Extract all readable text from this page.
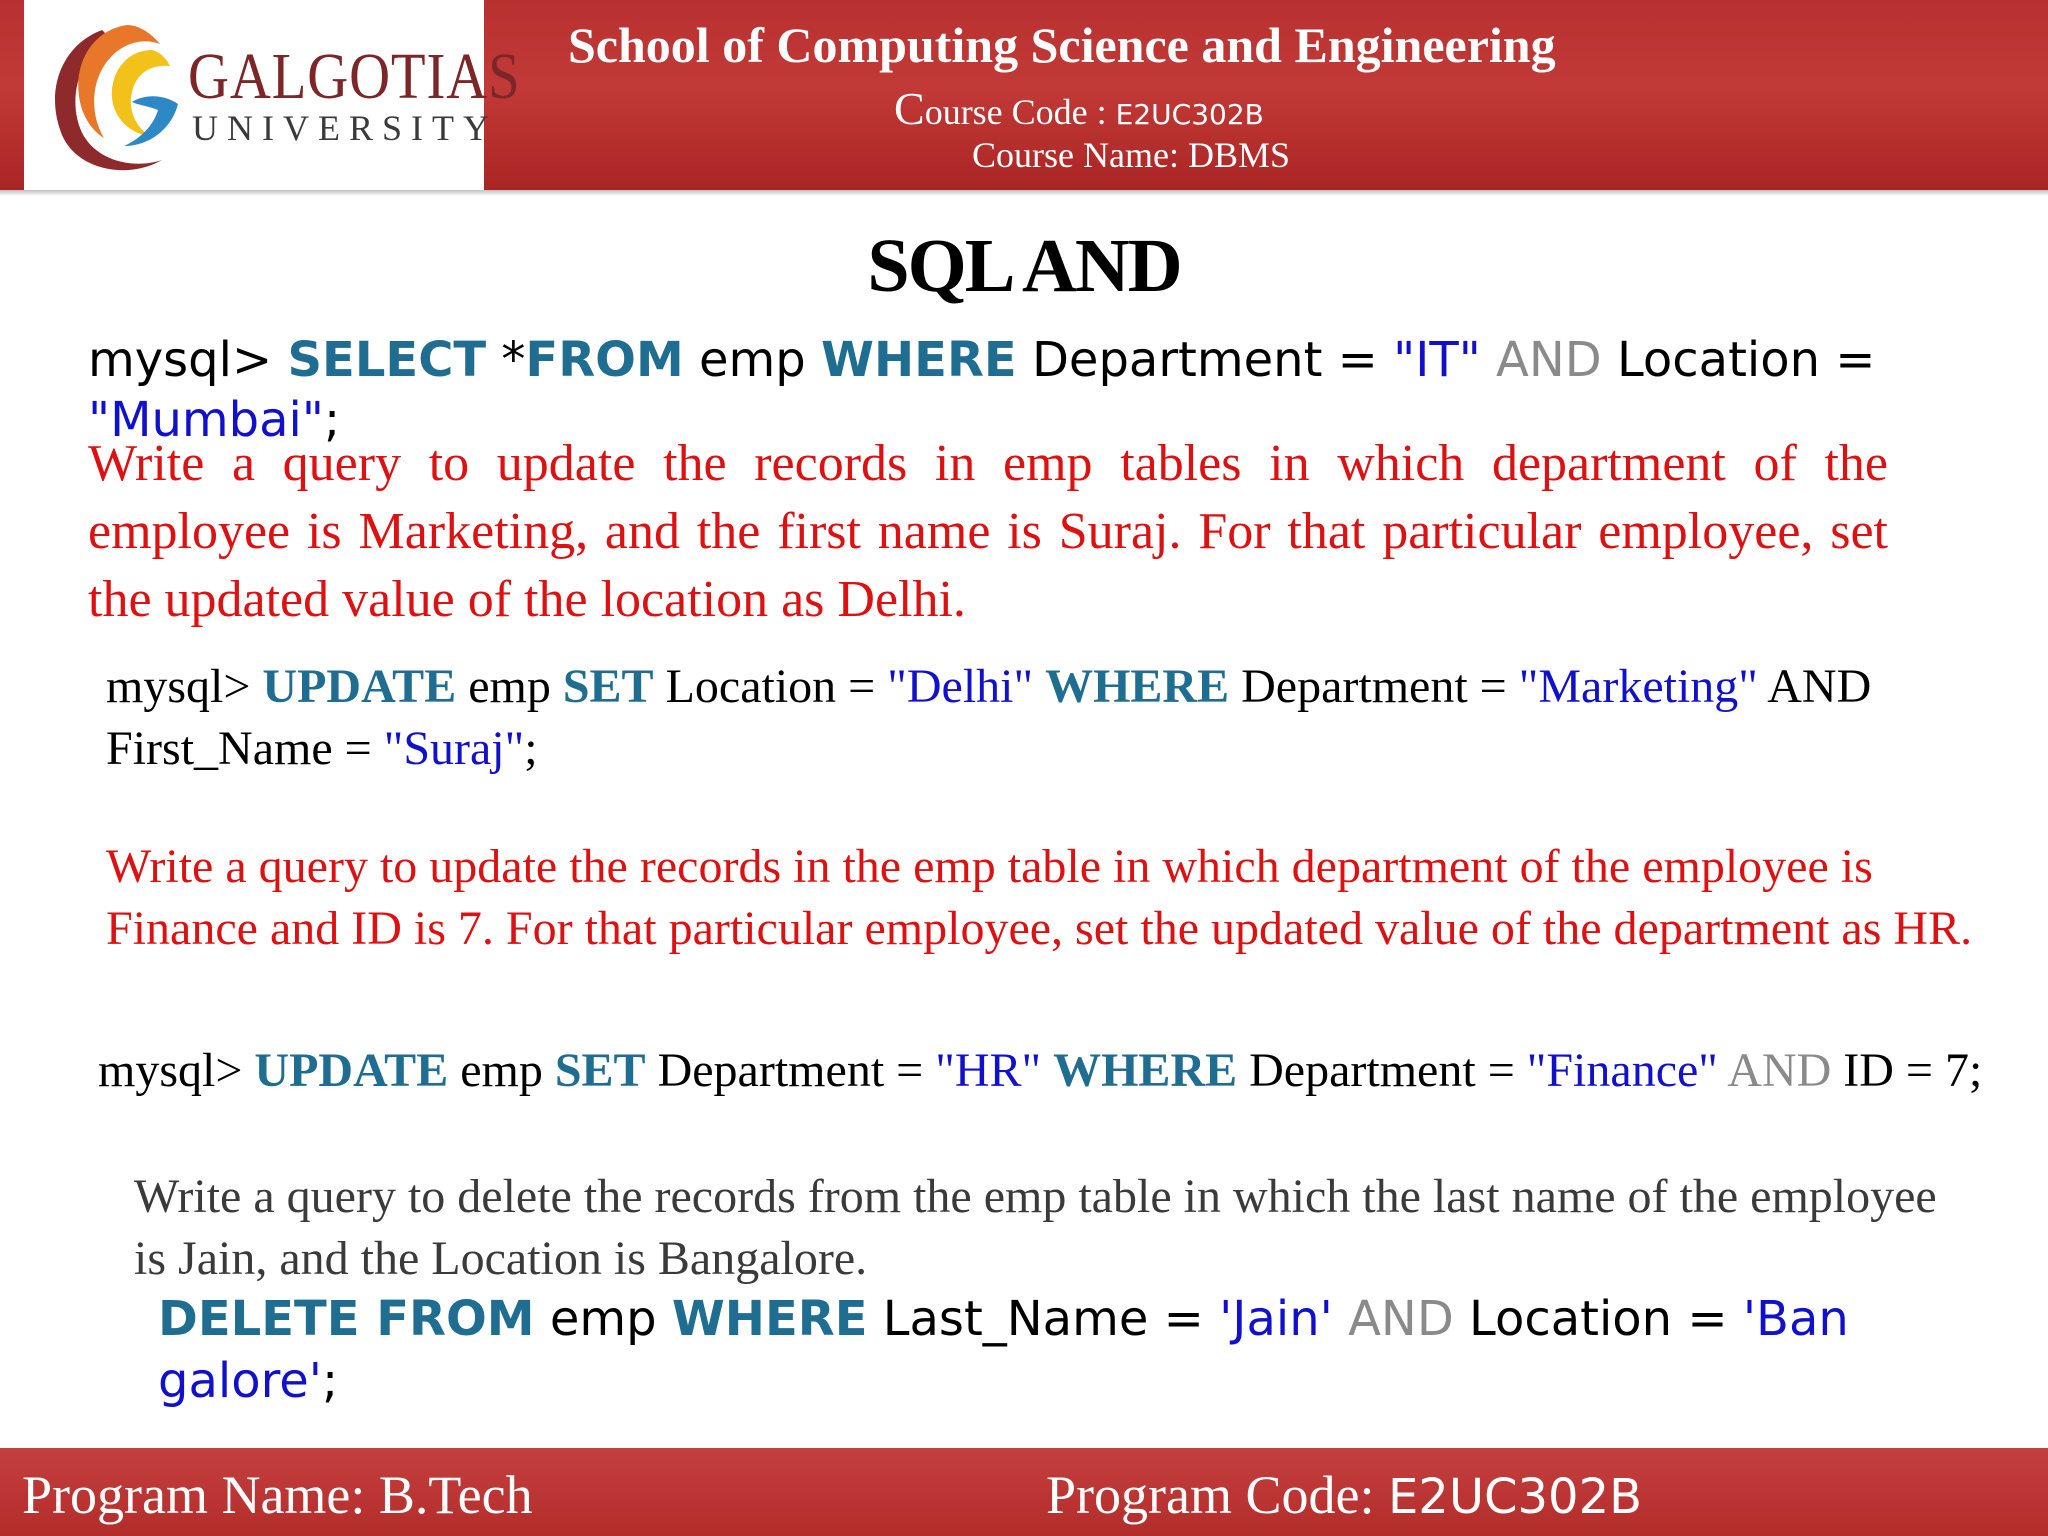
GALGOTIAS
UNIVERSITY
School of Computing Science and Engineering
Course Code : E2UC302B
Course Name: DBMS
SQL AND
mysql> SELECT *FROM emp WHERE Department = "IT" AND Location = "Mumbai";
Write a query to update the records in emp tables in which department of the employee is Marketing, and the first name is Suraj. For that particular employee, set the updated value of the location as Delhi.
mysql> UPDATE emp SET Location = "Delhi" WHERE Department = "Marketing" AND First_Name = "Suraj";
Write a query to update the records in the emp table in which department of the employee is Finance and ID is 7. For that particular employee, set the updated value of the department as HR.
mysql> UPDATE emp SET Department = "HR" WHERE Department = "Finance" AND ID = 7;
Write a query to delete the records from the emp table in which the last name of the employee is Jain, and the Location is Bangalore.
DELETE FROM emp WHERE Last_Name = 'Jain' AND Location = 'Bangalore';
Program Name: B.Tech	Program Code: E2UC302B
